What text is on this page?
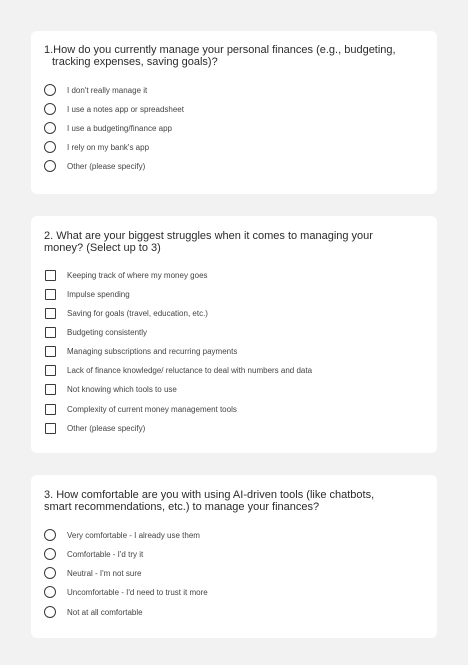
1.How do you currently manage your personal finances (e.g., budgeting,
tracking expenses, saving goals)?
I don't really manage it
I use a notes app or spreadsheet
I use a budgeting/finance app
I rely on my bank's app
Other (please specify)
2. What are your biggest struggles when it comes to managing your
money? (Select up to 3)
Keeping track of where my money goes
Impulse spending
Saving for goals (travel, education, etc.)
Budgeting consistently
Managing subscriptions and recurring payments
Lack of finance knowledge/ reluctance to deal with numbers and data
Not knowing which tools to use
Complexity of current money management tools
Other (please specify)
3. How comfortable are you with using AI-driven tools (like chatbots,
smart recommendations, etc.) to manage your finances?
Very comfortable - I already use them
Comfortable - I'd try it
Neutral - I'm not sure
Uncomfortable - I'd need to trust it more
Not at all comfortable
